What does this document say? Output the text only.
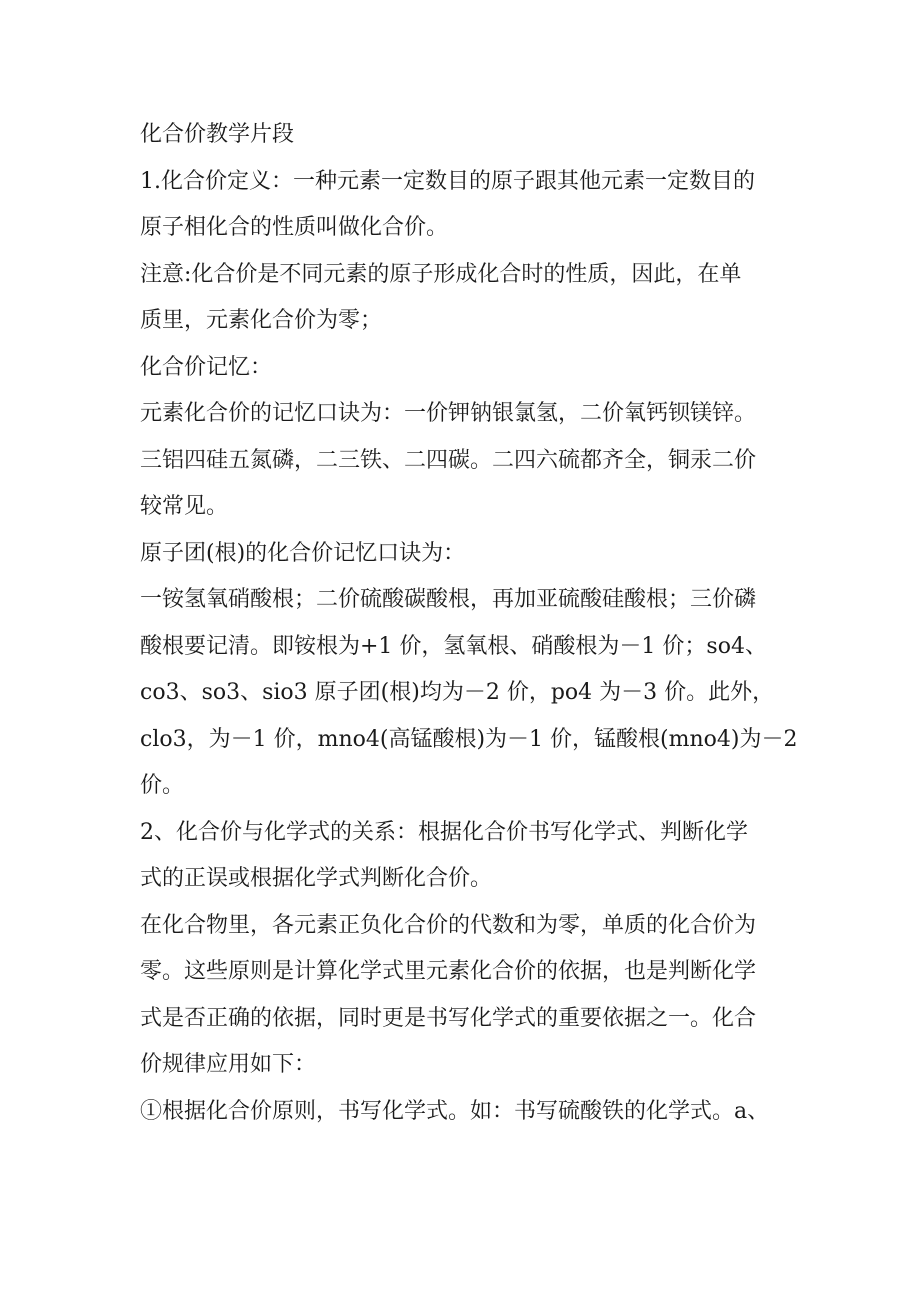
化合价教学片段
1.化合价定义：一种元素一定数目的原子跟其他元素一定数目的
原子相化合的性质叫做化合价。
注意:化合价是不同元素的原子形成化合时的性质，因此，在单
质里，元素化合价为零；
化合价记忆：
元素化合价的记忆口诀为：一价钾钠银氯氢，二价氧钙钡镁锌。
三铝四硅五氮磷，二三铁、二四碳。二四六硫都齐全，铜汞二价
较常见。
原子团(根)的化合价记忆口诀为：
一铵氢氧硝酸根；二价硫酸碳酸根，再加亚硫酸硅酸根；三价磷
酸根要记清。即铵根为+1 价，氢氧根、硝酸根为－1 价；so4、
co3、so3、sio3 原子团(根)均为－2 价，po4 为－3 价。此外，
clo3，为－1 价，mno4(高锰酸根)为－1 价，锰酸根(mno4)为－2
价。
2、化合价与化学式的关系：根据化合价书写化学式、判断化学
式的正误或根据化学式判断化合价。
在化合物里，各元素正负化合价的代数和为零，单质的化合价为
零。这些原则是计算化学式里元素化合价的依据，也是判断化学
式是否正确的依据，同时更是书写化学式的重要依据之一。化合
价规律应用如下：
①根据化合价原则，书写化学式。如：书写硫酸铁的化学式。a、
